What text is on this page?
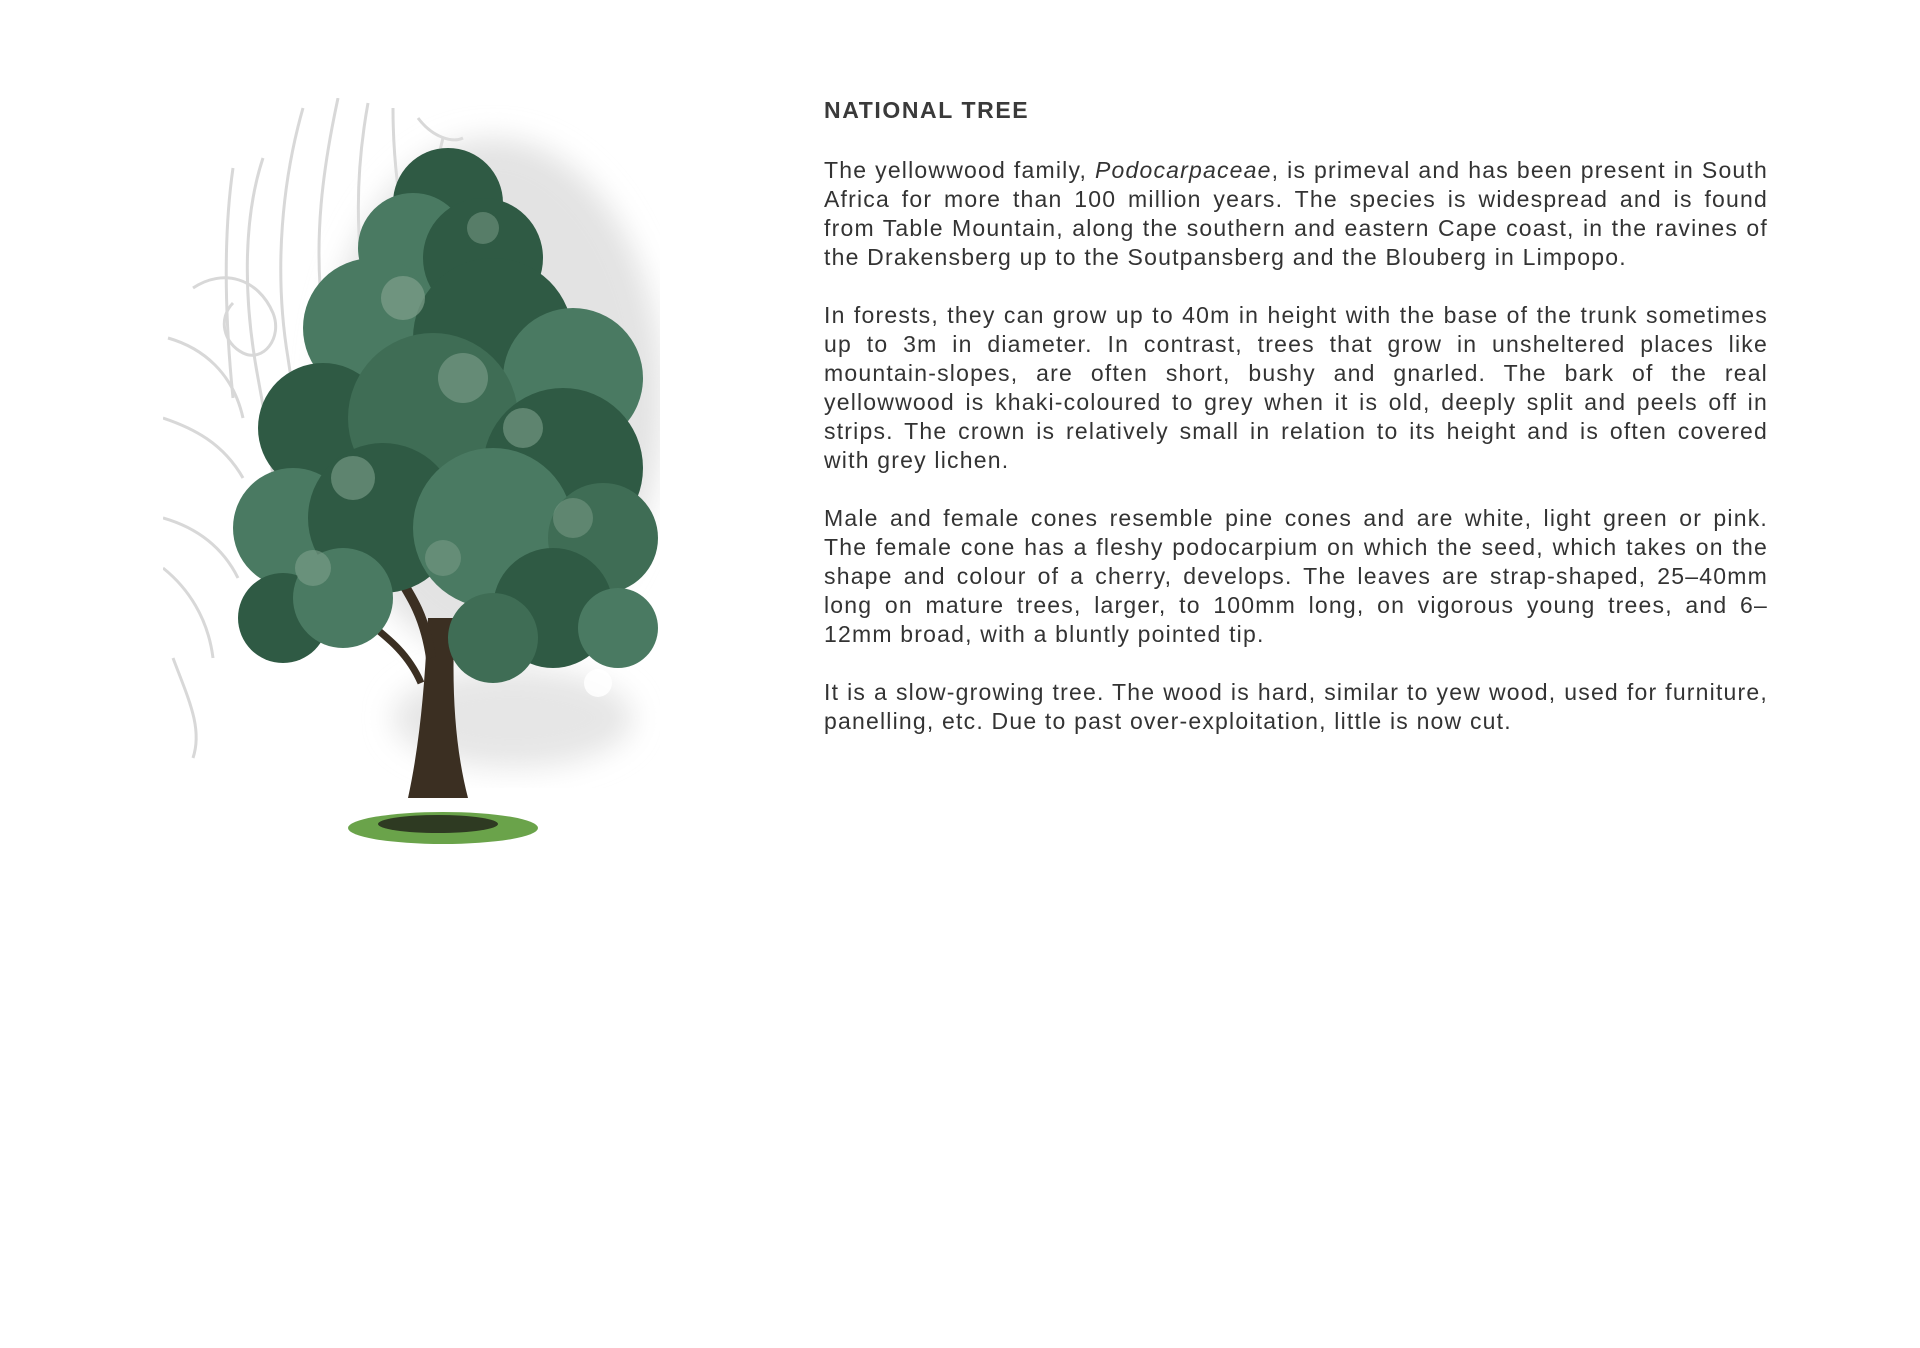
NATIONAL TREE

The yellowwood family, Podocarpaceae, is primeval and has been present in South Africa for more than 100 million years. The species is widespread and is found from Table Mountain, along the southern and eastern Cape coast, in the ravines of the Drakensberg up to the Soutpansberg and the Blouberg in Limpopo.

In forests, they can grow up to 40m in height with the base of the trunk sometimes up to 3m in diameter. In contrast, trees that grow in unsheltered places like mountain-slopes, are often short, bushy and gnarled. The bark of the real yellowwood is khaki-coloured to grey when it is old, deeply split and peels off in strips. The crown is relatively small in relation to its height and is often covered with grey lichen.

Male and female cones resemble pine cones and are white, light green or pink. The female cone has a fleshy podocarpium on which the seed, which takes on the shape and colour of a cherry, develops. The leaves are strap-shaped, 25–40mm long on mature trees, larger, to 100mm long, on vigorous young trees, and 6–12mm broad, with a bluntly pointed tip.

It is a slow-growing tree. The wood is hard, similar to yew wood, used for furniture, panelling, etc. Due to past over-exploitation, little is now cut.
